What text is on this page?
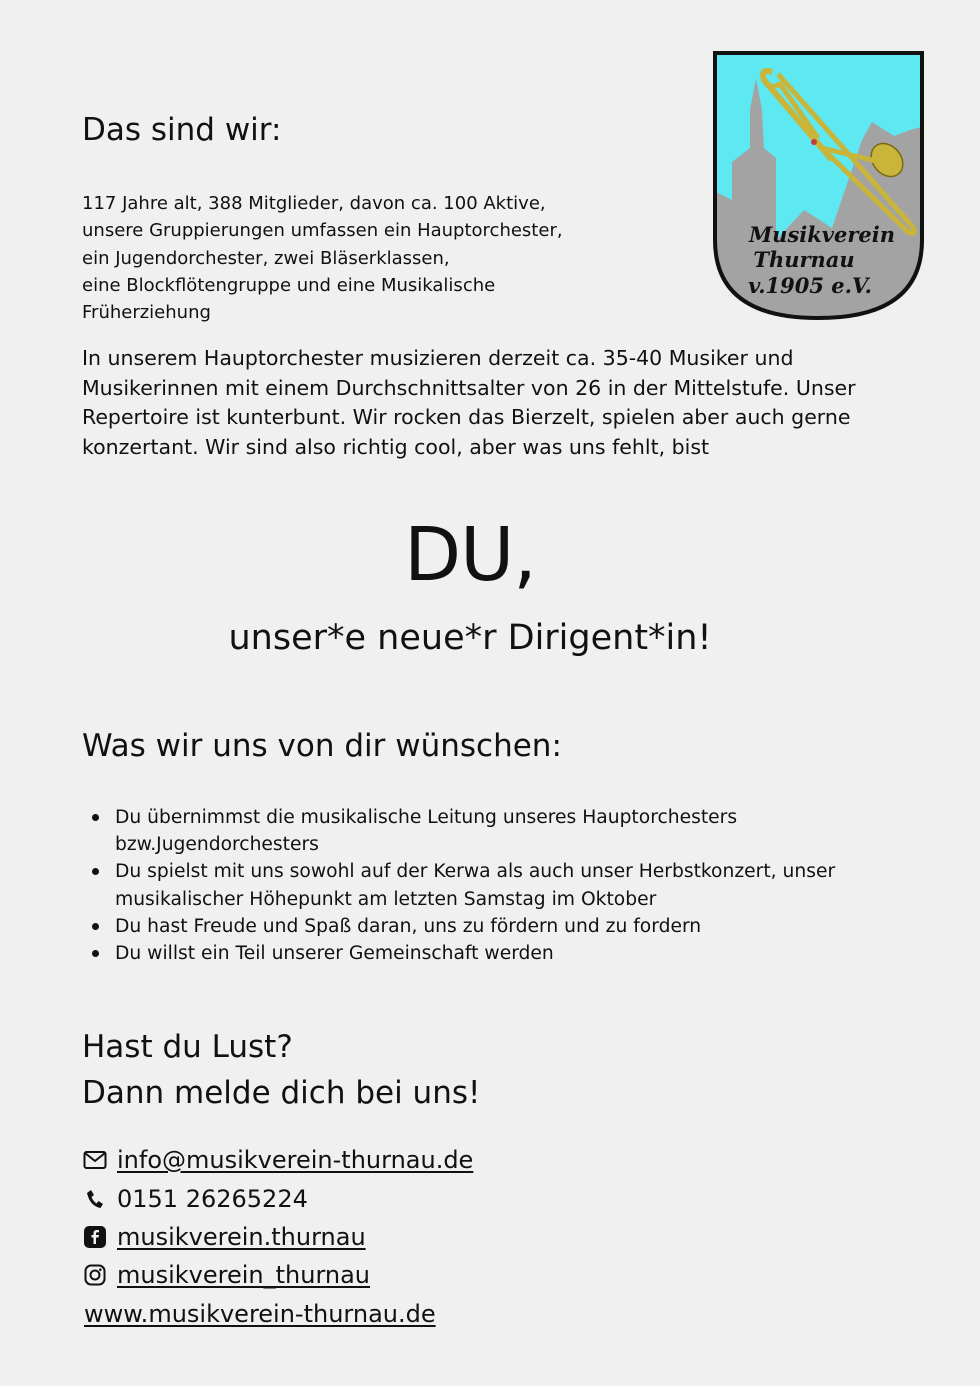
Das sind wir:
117 Jahre alt, 388 Mitglieder, davon ca. 100 Aktive,
unsere Gruppierungen umfassen ein Hauptorchester,
ein Jugendorchester, zwei Bläserklassen,
eine Blockflötengruppe und eine Musikalische
Früherziehung
Musikverein
Thurnau
v.1905 e.V.
In unserem Hauptorchester musizieren derzeit ca. 35-40 Musiker und
Musikerinnen mit einem Durchschnittsalter von 26 in der Mittelstufe. Unser
Repertoire ist kunterbunt. Wir rocken das Bierzelt, spielen aber auch gerne
konzertant. Wir sind also richtig cool, aber was uns fehlt, bist
DU,
unser*e neue*r Dirigent*in!
Was wir uns von dir wünschen:
Du übernimmst die musikalische Leitung unseres Hauptorchesters
bzw.Jugendorchesters
Du spielst mit uns sowohl auf der Kerwa als auch unser Herbstkonzert, unser
musikalischer Höhepunkt am letzten Samstag im Oktober
Du hast Freude und Spaß daran, uns zu fördern und zu fordern
Du willst ein Teil unserer Gemeinschaft werden
Hast du Lust?
Dann melde dich bei uns!
info@musikverein-thurnau.de
0151 26265224
musikverein.thurnau
musikverein_thurnau
www.musikverein-thurnau.de
